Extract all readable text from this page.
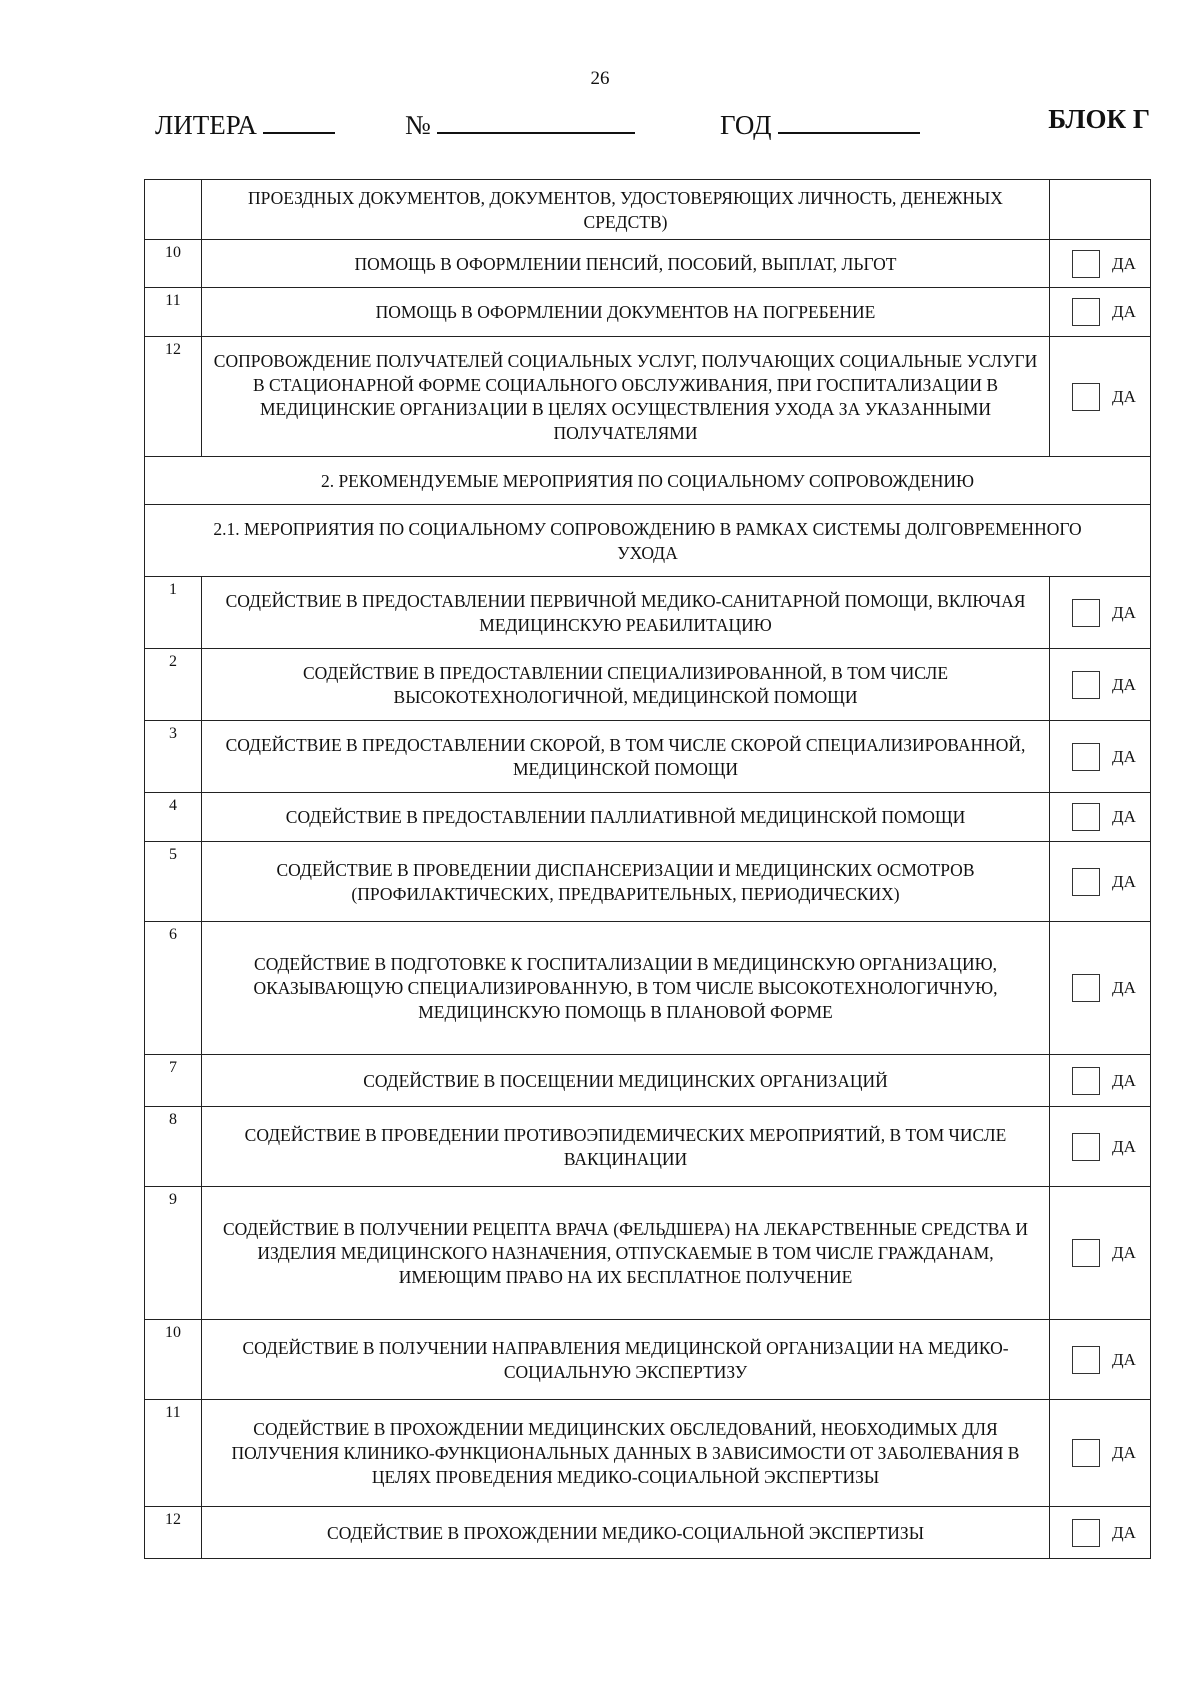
26
ЛИТЕРА	№	ГОД	БЛОК Г
	ПРОЕЗДНЫХ ДОКУМЕНТОВ, ДОКУМЕНТОВ, УДОСТОВЕРЯЮЩИХ ЛИЧНОСТЬ, ДЕНЕЖНЫХ СРЕДСТВ)	
10	ПОМОЩЬ В ОФОРМЛЕНИИ ПЕНСИЙ, ПОСОБИЙ, ВЫПЛАТ, ЛЬГОТ	ДА

11	ПОМОЩЬ В ОФОРМЛЕНИИ ДОКУМЕНТОВ НА ПОГРЕБЕНИЕ	ДА

12	СОПРОВОЖДЕНИЕ ПОЛУЧАТЕЛЕЙ СОЦИАЛЬНЫХ УСЛУГ, ПОЛУЧАЮЩИХ СОЦИАЛЬНЫЕ УСЛУГИ В СТАЦИОНАРНОЙ ФОРМЕ СОЦИАЛЬНОГО ОБСЛУЖИВАНИЯ, ПРИ ГОСПИТАЛИЗАЦИИ В МЕДИЦИНСКИЕ ОРГАНИЗАЦИИ В ЦЕЛЯХ ОСУЩЕСТВЛЕНИЯ УХОДА ЗА УКАЗАННЫМИ ПОЛУЧАТЕЛЯМИ	ДА

2. РЕКОМЕНДУЕМЫЕ МЕРОПРИЯТИЯ ПО СОЦИАЛЬНОМУ СОПРОВОЖДЕНИЮ		
2.1. МЕРОПРИЯТИЯ ПО СОЦИАЛЬНОМУ СОПРОВОЖДЕНИЮ В РАМКАХ СИСТЕМЫ ДОЛГОВРЕМЕННОГО УХОДА		
1	СОДЕЙСТВИЕ В ПРЕДОСТАВЛЕНИИ ПЕРВИЧНОЙ МЕДИКО-САНИТАРНОЙ ПОМОЩИ, ВКЛЮЧАЯ МЕДИЦИНСКУЮ РЕАБИЛИТАЦИЮ	ДА

2	СОДЕЙСТВИЕ В ПРЕДОСТАВЛЕНИИ СПЕЦИАЛИЗИРОВАННОЙ, В ТОМ ЧИСЛЕ ВЫСОКОТЕХНОЛОГИЧНОЙ, МЕДИЦИНСКОЙ ПОМОЩИ	ДА

3	СОДЕЙСТВИЕ В ПРЕДОСТАВЛЕНИИ СКОРОЙ, В ТОМ ЧИСЛЕ СКОРОЙ СПЕЦИАЛИЗИРОВАННОЙ, МЕДИЦИНСКОЙ ПОМОЩИ	ДА

4	СОДЕЙСТВИЕ В ПРЕДОСТАВЛЕНИИ ПАЛЛИАТИВНОЙ МЕДИЦИНСКОЙ ПОМОЩИ	ДА

5	СОДЕЙСТВИЕ В ПРОВЕДЕНИИ ДИСПАНСЕРИЗАЦИИ И МЕДИЦИНСКИХ ОСМОТРОВ (ПРОФИЛАКТИЧЕСКИХ, ПРЕДВАРИТЕЛЬНЫХ, ПЕРИОДИЧЕСКИХ)	ДА

6	СОДЕЙСТВИЕ В ПОДГОТОВКЕ К ГОСПИТАЛИЗАЦИИ В МЕДИЦИНСКУЮ ОРГАНИЗАЦИЮ, ОКАЗЫВАЮЩУЮ СПЕЦИАЛИЗИРОВАННУЮ, В ТОМ ЧИСЛЕ ВЫСОКОТЕХНОЛОГИЧНУЮ, МЕДИЦИНСКУЮ ПОМОЩЬ В ПЛАНОВОЙ ФОРМЕ	ДА

7	СОДЕЙСТВИЕ В ПОСЕЩЕНИИ МЕДИЦИНСКИХ ОРГАНИЗАЦИЙ	ДА

8	СОДЕЙСТВИЕ В ПРОВЕДЕНИИ ПРОТИВОЭПИДЕМИЧЕСКИХ МЕРОПРИЯТИЙ, В ТОМ ЧИСЛЕ ВАКЦИНАЦИИ	ДА

9	СОДЕЙСТВИЕ В ПОЛУЧЕНИИ РЕЦЕПТА ВРАЧА (ФЕЛЬДШЕРА) НА ЛЕКАРСТВЕННЫЕ СРЕДСТВА И ИЗДЕЛИЯ МЕДИЦИНСКОГО НАЗНАЧЕНИЯ, ОТПУСКАЕМЫЕ В ТОМ ЧИСЛЕ ГРАЖДАНАМ, ИМЕЮЩИМ ПРАВО НА ИХ БЕСПЛАТНОЕ ПОЛУЧЕНИЕ	ДА

10	СОДЕЙСТВИЕ В ПОЛУЧЕНИИ НАПРАВЛЕНИЯ МЕДИЦИНСКОЙ ОРГАНИЗАЦИИ НА МЕДИКО-СОЦИАЛЬНУЮ ЭКСПЕРТИЗУ	ДА

11	СОДЕЙСТВИЕ В ПРОХОЖДЕНИИ МЕДИЦИНСКИХ ОБСЛЕДОВАНИЙ, НЕОБХОДИМЫХ ДЛЯ ПОЛУЧЕНИЯ КЛИНИКО-ФУНКЦИОНАЛЬНЫХ ДАННЫХ В ЗАВИСИМОСТИ ОТ ЗАБОЛЕВАНИЯ В ЦЕЛЯХ ПРОВЕДЕНИЯ МЕДИКО-СОЦИАЛЬНОЙ ЭКСПЕРТИЗЫ	ДА

12	СОДЕЙСТВИЕ В ПРОХОЖДЕНИИ МЕДИКО-СОЦИАЛЬНОЙ ЭКСПЕРТИЗЫ	ДА
